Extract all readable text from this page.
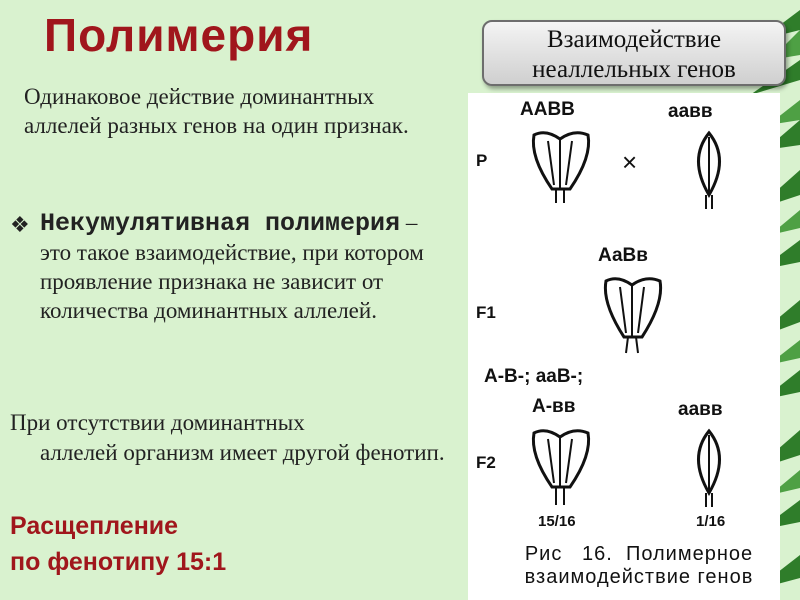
Полимерия	Взаимодействие
неаллельных генов
Одинаковое действие доминантных аллелей разных генов на один признак.
❖ Некумулятивная полимерия – это такое взаимодействие, при котором проявление признака не зависит от количества доминантных аллелей.
При отсутствии доминантных
аллелей организм имеет другой фенотип.
Расщепление
по фенотипу 15:1
P
F1
F2
ААВВ	аавв
×
АаВв
А-В-; ааВ-;
А-вв	аавв
15/16	1/16
Рис   16.  Полимерное
взаимодействие генов
